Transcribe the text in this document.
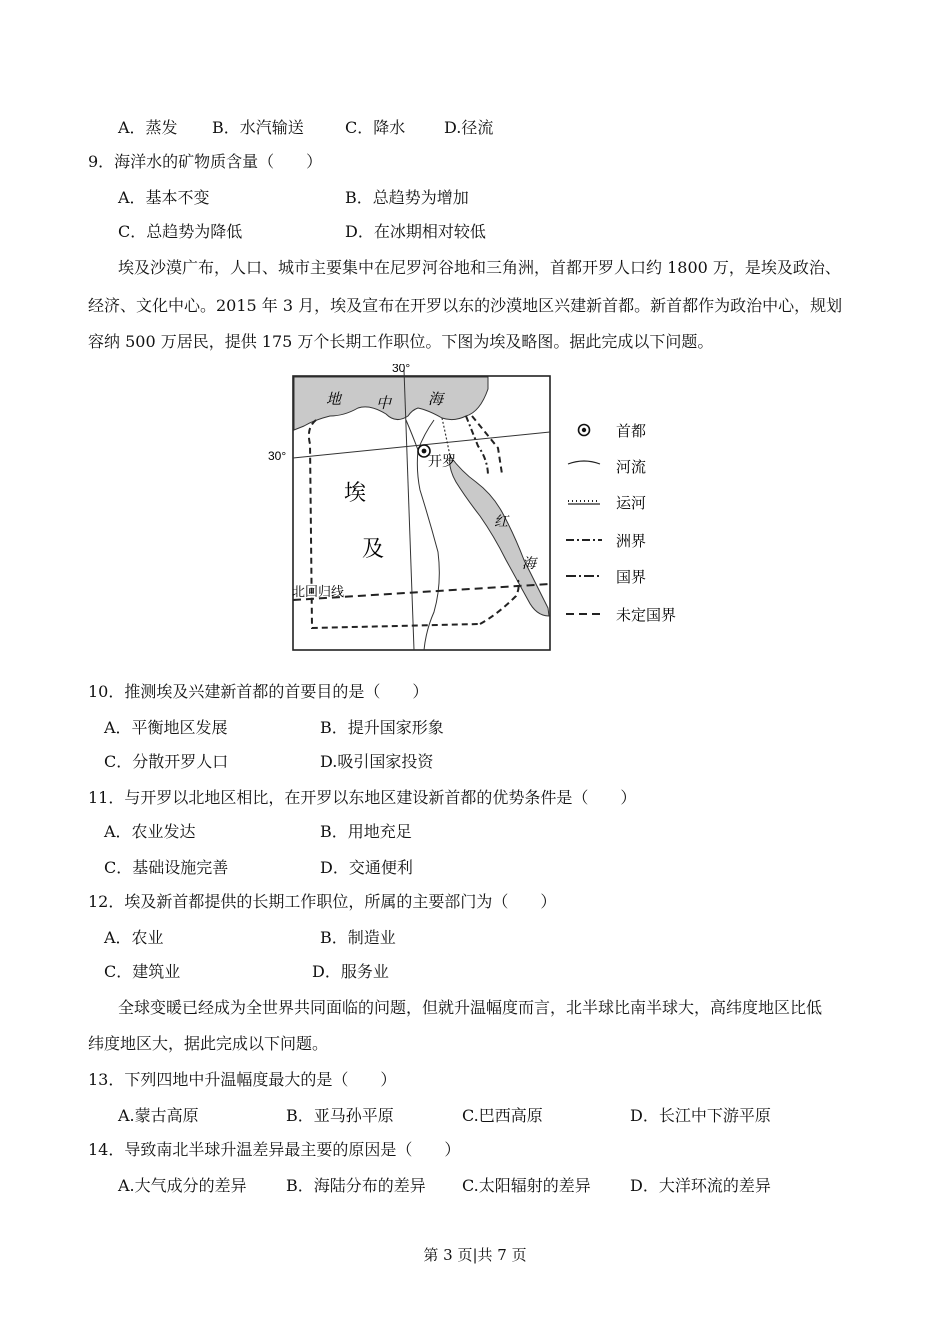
A．蒸发 B．水汽输送	C．降水 D.径流
9．海洋水的矿物质含量（　　）
A．基本不变	B．总趋势为增加
C．总趋势为降低	D．在冰期相对较低
埃及沙漠广布，人口、城市主要集中在尼罗河谷地和三角洲，首都开罗人口约 1800 万，是埃及政治、
经济、文化中心。2015 年 3 月，埃及宣布在开罗以东的沙漠地区兴建新首都。新首都作为政治中心，规划
容纳 500 万居民，提供 175 万个长期工作职位。下图为埃及略图。据此完成以下问题。
30°
30°
地 中 海
开罗
埃
及
红
海
北回归线
首都
河流
运河
洲界
国界
未定国界
10．推测埃及兴建新首都的首要目的是（　　）
A．平衡地区发展	B．提升国家形象
C．分散开罗人口	D.吸引国家投资
11．与开罗以北地区相比，在开罗以东地区建设新首都的优势条件是（　　）
A．农业发达	B．用地充足
C．基础设施完善	D．交通便利
12．埃及新首都提供的长期工作职位，所属的主要部门为（　　）
A．农业	B．制造业
C．建筑业	D．服务业
全球变暖已经成为全世界共同面临的问题，但就升温幅度而言，北半球比南半球大，高纬度地区比低
纬度地区大，据此完成以下问题。
13．下列四地中升温幅度最大的是（　　）
A.蒙古高原	B．亚马孙平原	C.巴西高原	D．长江中下游平原
14．导致南北半球升温差异最主要的原因是（　　）
A.大气成分的差异 B．海陆分布的差异 C.太阳辐射的差异 D．大洋环流的差异
第 3 页|共 7 页
